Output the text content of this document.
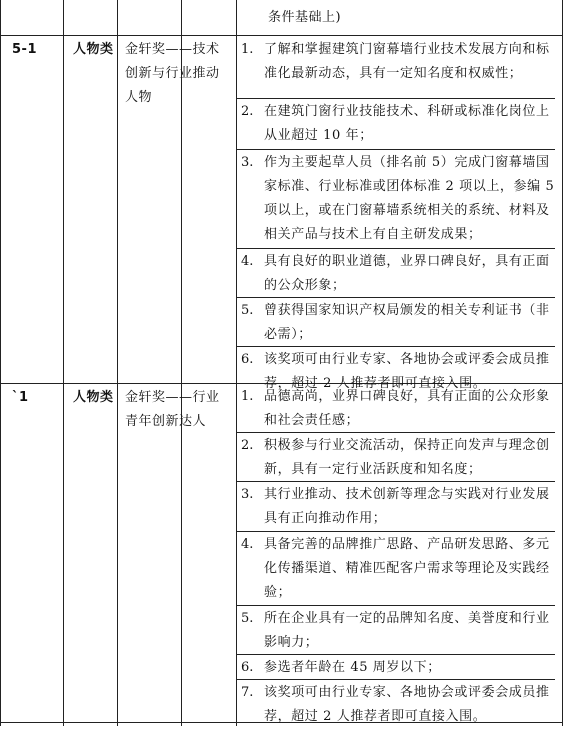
条件基础上)
5-1	人物类 金轩奖——技术创新与行业推动人物
1. 了解和掌握建筑门窗幕墙行业技术发展方向和标准化最新动态，具有一定知名度和权威性；
2. 在建筑门窗行业技能技术、科研或标准化岗位上从业超过 10 年；
3. 作为主要起草人员（排名前 5）完成门窗幕墙国家标准、行业标准或团体标准 2 项以上，参编 5 项以上，或在门窗幕墙系统相关的系统、材料及相关产品与技术上有自主研发成果；
4. 具有良好的职业道德，业界口碑良好，具有正面的公众形象；
5. 曾获得国家知识产权局颁发的相关专利证书（非必需）；
6. 该奖项可由行业专家、各地协会或评委会成员推荐，超过 2 人推荐者即可直接入围。
`1	人物类 金轩奖——行业青年创新达人
1. 品德高尚，业界口碑良好，具有正面的公众形象和社会责任感；
2. 积极参与行业交流活动，保持正向发声与理念创新，具有一定行业活跃度和知名度；
3. 其行业推动、技术创新等理念与实践对行业发展具有正向推动作用；
4. 具备完善的品牌推广思路、产品研发思路、多元化传播渠道、精准匹配客户需求等理论及实践经验；
5. 所在企业具有一定的品牌知名度、美誉度和行业影响力；
6. 参选者年龄在 45 周岁以下；
7. 该奖项可由行业专家、各地协会或评委会成员推荐，超过 2 人推荐者即可直接入围。
